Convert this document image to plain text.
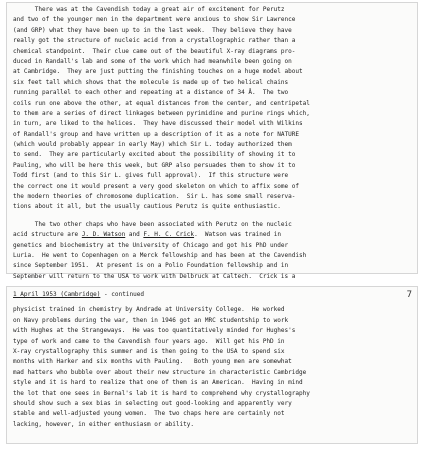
There was at the Cavendish today a great air of excitement for Perutz
and two of the younger men in the department were anxious to show Sir Lawrence
(and GRP) what they have been up to in the last week.  They believe they have
really got the structure of nucleic acid from a crystallographic rather than a
chemical standpoint.  Their clue came out of the beautiful X-ray diagrams pro-
duced in Randall's lab and some of the work which had meanwhile been going on
at Cambridge.  They are just putting the finishing touches on a huge model about
six feet tall which shows that the molecule is made up of two helical chains
running parallel to each other and repeating at a distance of 34 Å.  The two
coils run one above the other, at equal distances from the center, and centripetal
to them are a series of direct linkages between pyrimidine and purine rings which,
in turn, are liked to the helices.  They have discussed their model with Wilkins
of Randall's group and have written up a description of it as a note for NATURE
(which would probably appear in early May) which Sir L. today authorized them
to send.  They are particularly excited about the possibility of showing it to
Pauling, who will be here this week, but GRP also persuades them to show it to
Todd first (and to this Sir L. gives full approval).  If this structure were
the correct one it would present a very good skeleton on which to affix some of
the modern theories of chromosome duplication.  Sir L. has some small reserva-
tions about it all, but the usually cautious Perutz is quite enthusiastic.
The two other chaps who have been associated with Perutz on the nucleic
acid structure are J. D. Watson and F. H. C. Crick.  Watson was trained in
genetics and biochemistry at the University of Chicago and got his PhD under
Luria.  He went to Copenhagen on a Merck fellowship and has been at the Cavendish
since September 1951.  At present is on a Polio Foundation fellowship and in
September will return to the USA to work with Delbruck at Caltech.  Crick is a
1 April 1953 (Cambridge) - continued	7
physicist trained in chemistry by Andrade at University College.  He worked
on Navy problems during the war, then in 1946 got an MRC studentship to work
with Hughes at the Strangeways.  He was too quantitatively minded for Hughes's
type of work and came to the Cavendish four years ago.  Will get his PhD in
X-ray crystallography this summer and is then going to the USA to spend six
months with Harker and six months with Pauling.   Both young men are somewhat
mad hatters who bubble over about their new structure in characteristic Cambridge
style and it is hard to realize that one of them is an American.  Having in mind
the lot that one sees in Bernal's lab it is hard to comprehend why crystallography
should show such a sex bias in selecting out good-looking and apparently very
stable and well-adjusted young women.  The two chaps here are certainly not
lacking, however, in either enthusiasm or ability.
